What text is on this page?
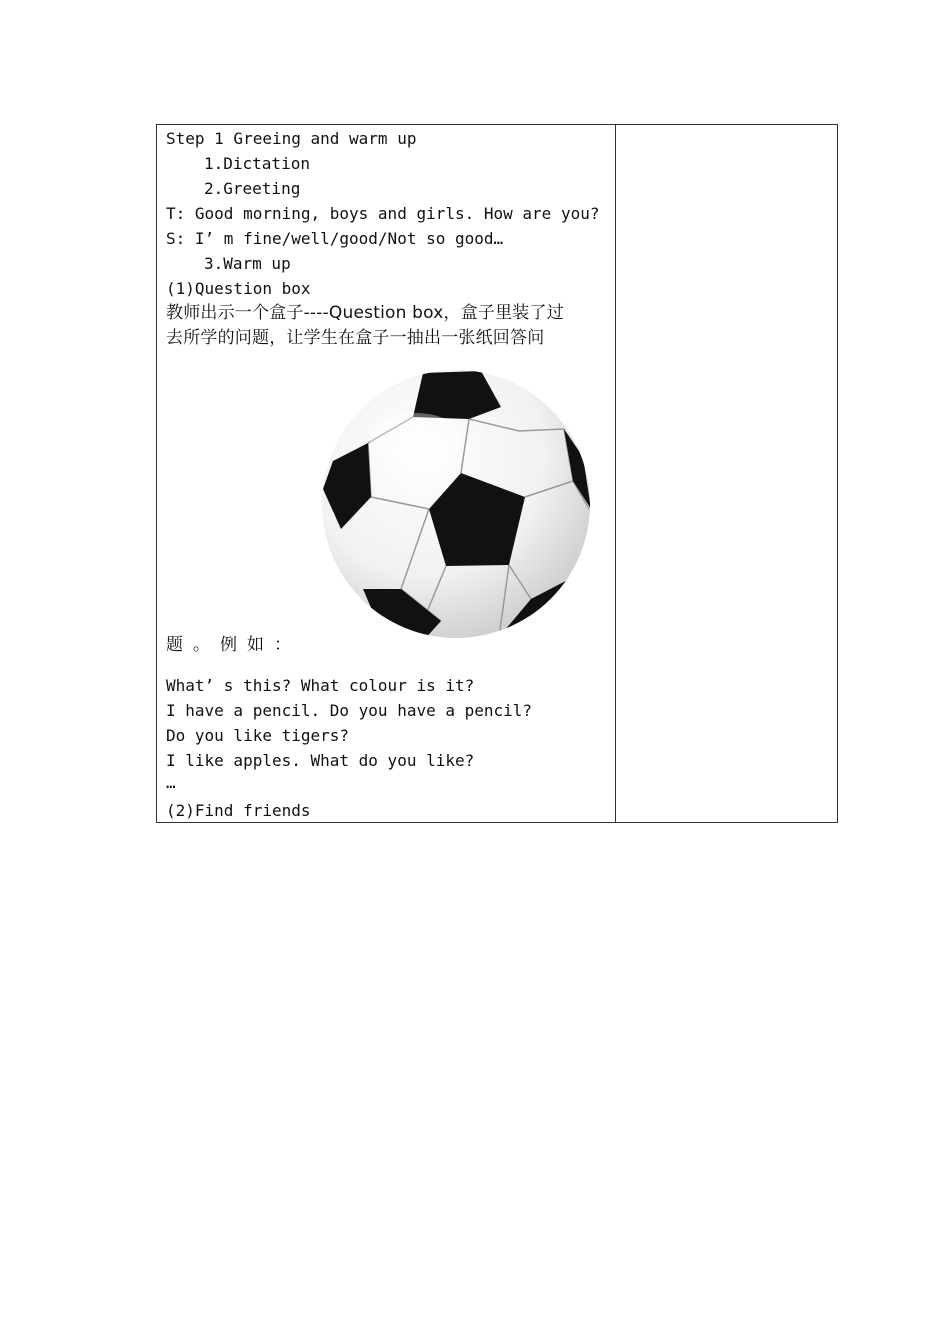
Step 1 Greeing and warm up
1.Dictation
2.Greeting
T: Good morning, boys and girls. How are you?
S: I’ m fine/well/good/Not so good…
3.Warm up
(1)Question box
教师出示一个盒子----Question box，盒子里装了过
去所学的问题，让学生在盒子一抽出一张纸回答问
题。例如：
What’ s this? What colour is it?
I have a pencil. Do you have a pencil?
Do you like tigers?
I like apples. What do you like?
…
(2)Find friends
